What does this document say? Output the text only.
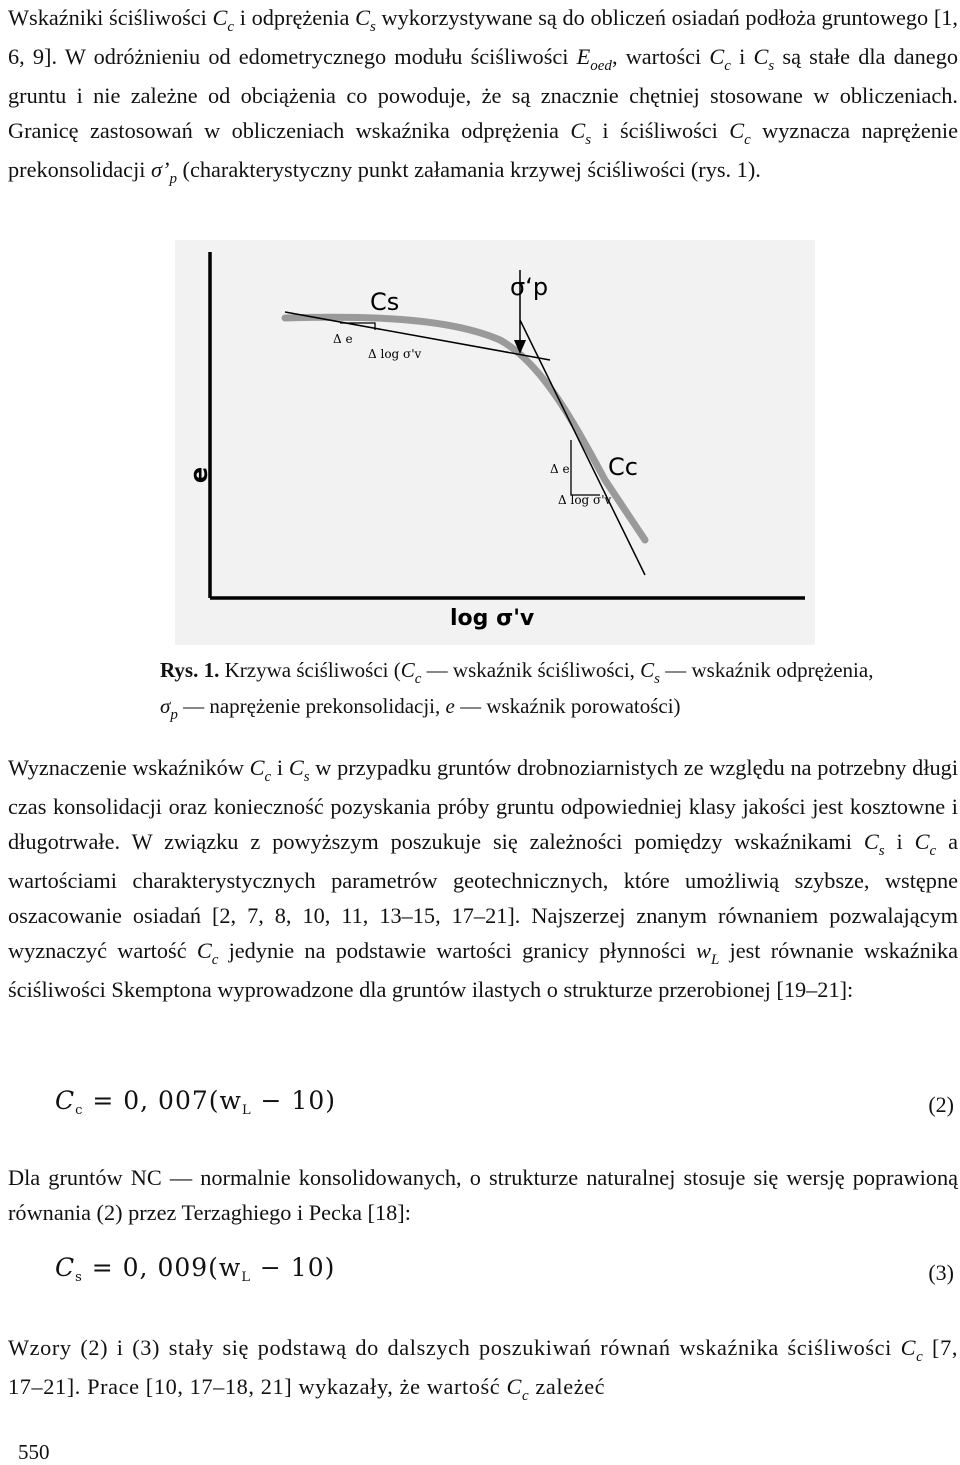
Wskaźniki ściśliwości $C_c$ i odprężenia $C_s$ wykorzystywane są do obliczeń osiadań podłoża gruntowego [1, 6, 9]. W odróżnieniu od edometrycznego modułu ściśliwości $E_{oed}$, wartości $C_c$ i $C_s$ są stałe dla danego gruntu i nie zależne od obciążenia co powoduje, że są znacznie chętniej stosowane w obliczeniach. Granicę zastosowań w obliczeniach wskaźnika odprężenia $C_s$ i ściśliwości $C_c$ wyznacza naprężenie prekonsolidacji $\sigma’_p$ (charakterystyczny punkt załamania krzywej ściśliwości (rys. 1).
e
log σ'v
Cs
σ‘p
Cc
Δ e
Δ log σ'v
Δ e
Δ log σ'v
Rys. 1. Krzywa ściśliwości ($C_c$ — wskaźnik ściśliwości, $C_s$ — wskaźnik odprężenia,
$\sigma_p$ — naprężenie prekonsolidacji, e — wskaźnik porowatości)
Wyznaczenie wskaźników $C_c$ i $C_s$ w przypadku gruntów drobnoziarnistych ze względu na potrzebny długi czas konsolidacji oraz konieczność pozyskania próby gruntu odpowiedniej klasy jakości jest kosztowne i długotrwałe. W związku z powyższym poszukuje się zależności pomiędzy wskaźnikami $C_s$ i $C_c$ a wartościami charakterystycznych parametrów geotechnicznych, które umożliwią szybsze, wstępne oszacowanie osiadań [2, 7, 8, 10, 11, 13–15, 17–21]. Najszerzej znanym równaniem pozwalającym wyznaczyć wartość $C_c$ jedynie na podstawie wartości granicy płynności $w_L$ jest równanie wskaźnika ściśliwości Skemptona wyprowadzone dla gruntów ilastych o strukturze przerobionej [19–21]:
$C_c = 0$, $007(w_L - 10)$	(2)
Dla gruntów NC — normalnie konsolidowanych, o strukturze naturalnej stosuje się wersję poprawioną równania (2) przez Terzaghiego i Pecka [18]:
$C_s = 0$, $009(w_L - 10)$	(3)
Wzory (2) i (3) stały się podstawą do dalszych poszukiwań równań wskaźnika ściśliwości $C_c$ [7, 17–21]. Prace [10, 17–18, 21] wykazały, że wartość $C_c$ zależeć
550
